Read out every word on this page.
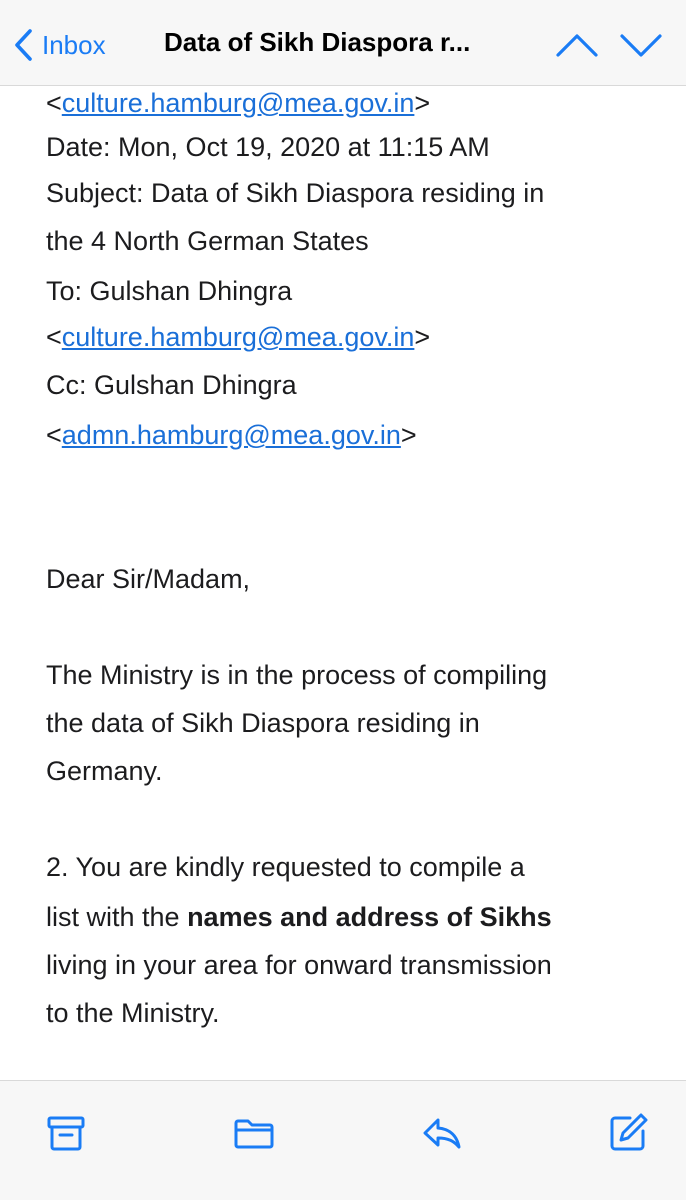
Inbox Data of Sikh Diaspora r...
<culture.hamburg@mea.gov.in>
Date: Mon, Oct 19, 2020 at 11:15 AM
Subject: Data of Sikh Diaspora residing in
the 4 North German States
To: Gulshan Dhingra
<culture.hamburg@mea.gov.in>
Cc: Gulshan Dhingra
<admn.hamburg@mea.gov.in>
Dear Sir/Madam,
The Ministry is in the process of compiling
the data of Sikh Diaspora residing in
Germany.
2. You are kindly requested to compile a
list with the names and address of Sikhs
living in your area for onward transmission
to the Ministry.
